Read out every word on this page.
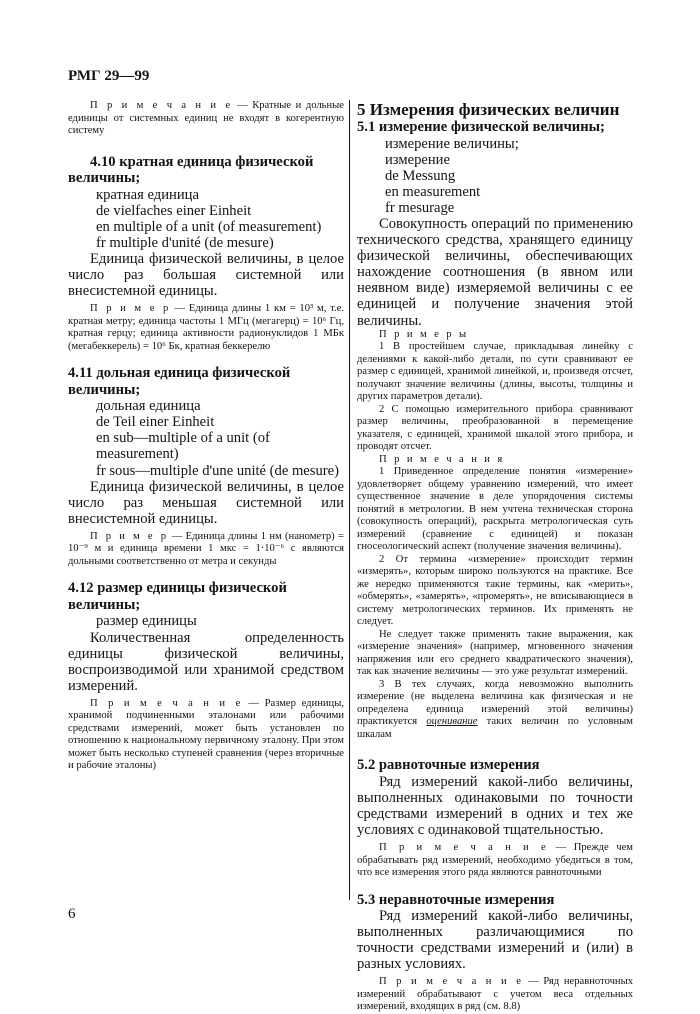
РМГ 29—99

П р и м е ч а н и е — Кратные и дольные единицы от системных единиц не входят в когерентную систему

4.10 кратная единица физической величины;

кратная единица

de vielfaches einer Einheit

en multiple of a unit (of measurement)

fr multiple d'unité (de mesure)

Единица физической величины, в целое число раз большая системной или внесистемной единицы.

П р и м е р — Единица длины 1 км = 10³ м, т.е. кратная метру; единица частоты 1 МГц (мегагерц) = 10⁶ Гц, кратная герцу; единица активности радионуклидов 1 МБк (мегабеккерель) = 10⁶ Бк, кратная беккерелю

4.11 дольная единица физической величины;

дольная единица

de Teil einer Einheit

en sub—multiple of a unit (of measurement)

fr sous—multiple d'une unité (de mesure)

Единица физической величины, в целое число раз меньшая системной или внесистемной единицы.

П р и м е р — Единица длины 1 нм (нанометр) = 10⁻⁹ м и единица времени 1 мкс = 1·10⁻⁶ с являются дольными соответственно от метра и секунды

4.12 размер единицы физической величины;

размер единицы

Количественная определенность единицы физической величины, воспроизводимой или хранимой средством измерений.

П р и м е ч а н и е — Размер единицы, хранимой подчиненными эталонами или рабочими средствами измерений, может быть установлен по отношению к национальному первичному эталону. При этом может быть несколько ступеней сравнения (через вторичные и рабочие эталоны)

5 Измерения физических величин

5.1 измерение физической величины;

измерение величины;

измерение

de Messung

en measurement

fr mesurage

Совокупность операций по применению технического средства, хранящего единицу физической величины, обеспечивающих нахождение соотношения (в явном или неявном виде) измеряемой величины с ее единицей и получение значения этой величины.

П р и м е р ы

1 В простейшем случае, прикладывая линейку с делениями к какой-либо детали, по сути сравнивают ее размер с единицей, хранимой линейкой, и, произведя отсчет, получают значение величины (длины, высоты, толщины и других параметров детали).

2 С помощью измерительного прибора сравнивают размер величины, преобразованной в перемещение указателя, с единицей, хранимой шкалой этого прибора, и проводят отсчет.

П р и м е ч а н и я

1 Приведенное определение понятия «измерение» удовлетворяет общему уравнению измерений, что имеет существенное значение в деле упорядочения системы понятий в метрологии. В нем учтена техническая сторона (совокупность операций), раскрыта метрологическая суть измерений (сравнение с единицей) и показан гносеологический аспект (получение значения величины).

2 От термина «измерение» происходит термин «измерять», которым широко пользуются на практике. Все же нередко применяются такие термины, как «мерить», «обмерять», «замерять», «промерять», не вписывающиеся в систему метрологических терминов. Их применять не следует.

Не следует также применять такие выражения, как «измерение значения» (например, мгновенного значения напряжения или его среднего квадратического значения), так как значение величины — это уже результат измерений.

3 В тех случаях, когда невозможно выполнить измерение (не выделена величина как физическая и не определена единица измерений этой величины) практикуется оценивание таких величин по условным шкалам

5.2 равноточные измерения

Ряд измерений какой-либо величины, выполненных одинаковыми по точности средствами измерений в одних и тех же условиях с одинаковой тщательностью.

П р и м е ч а н и е — Прежде чем обрабатывать ряд измерений, необходимо убедиться в том, что все измерения этого ряда являются равноточными

5.3 неравноточные измерения

Ряд измерений какой-либо величины, выполненных различающимися по точности средствами измерений и (или) в разных условиях.

П р и м е ч а н и е — Ряд неравноточных измерений обрабатывают с учетом веса отдельных измерений, входящих в ряд (см. 8.8)

6
